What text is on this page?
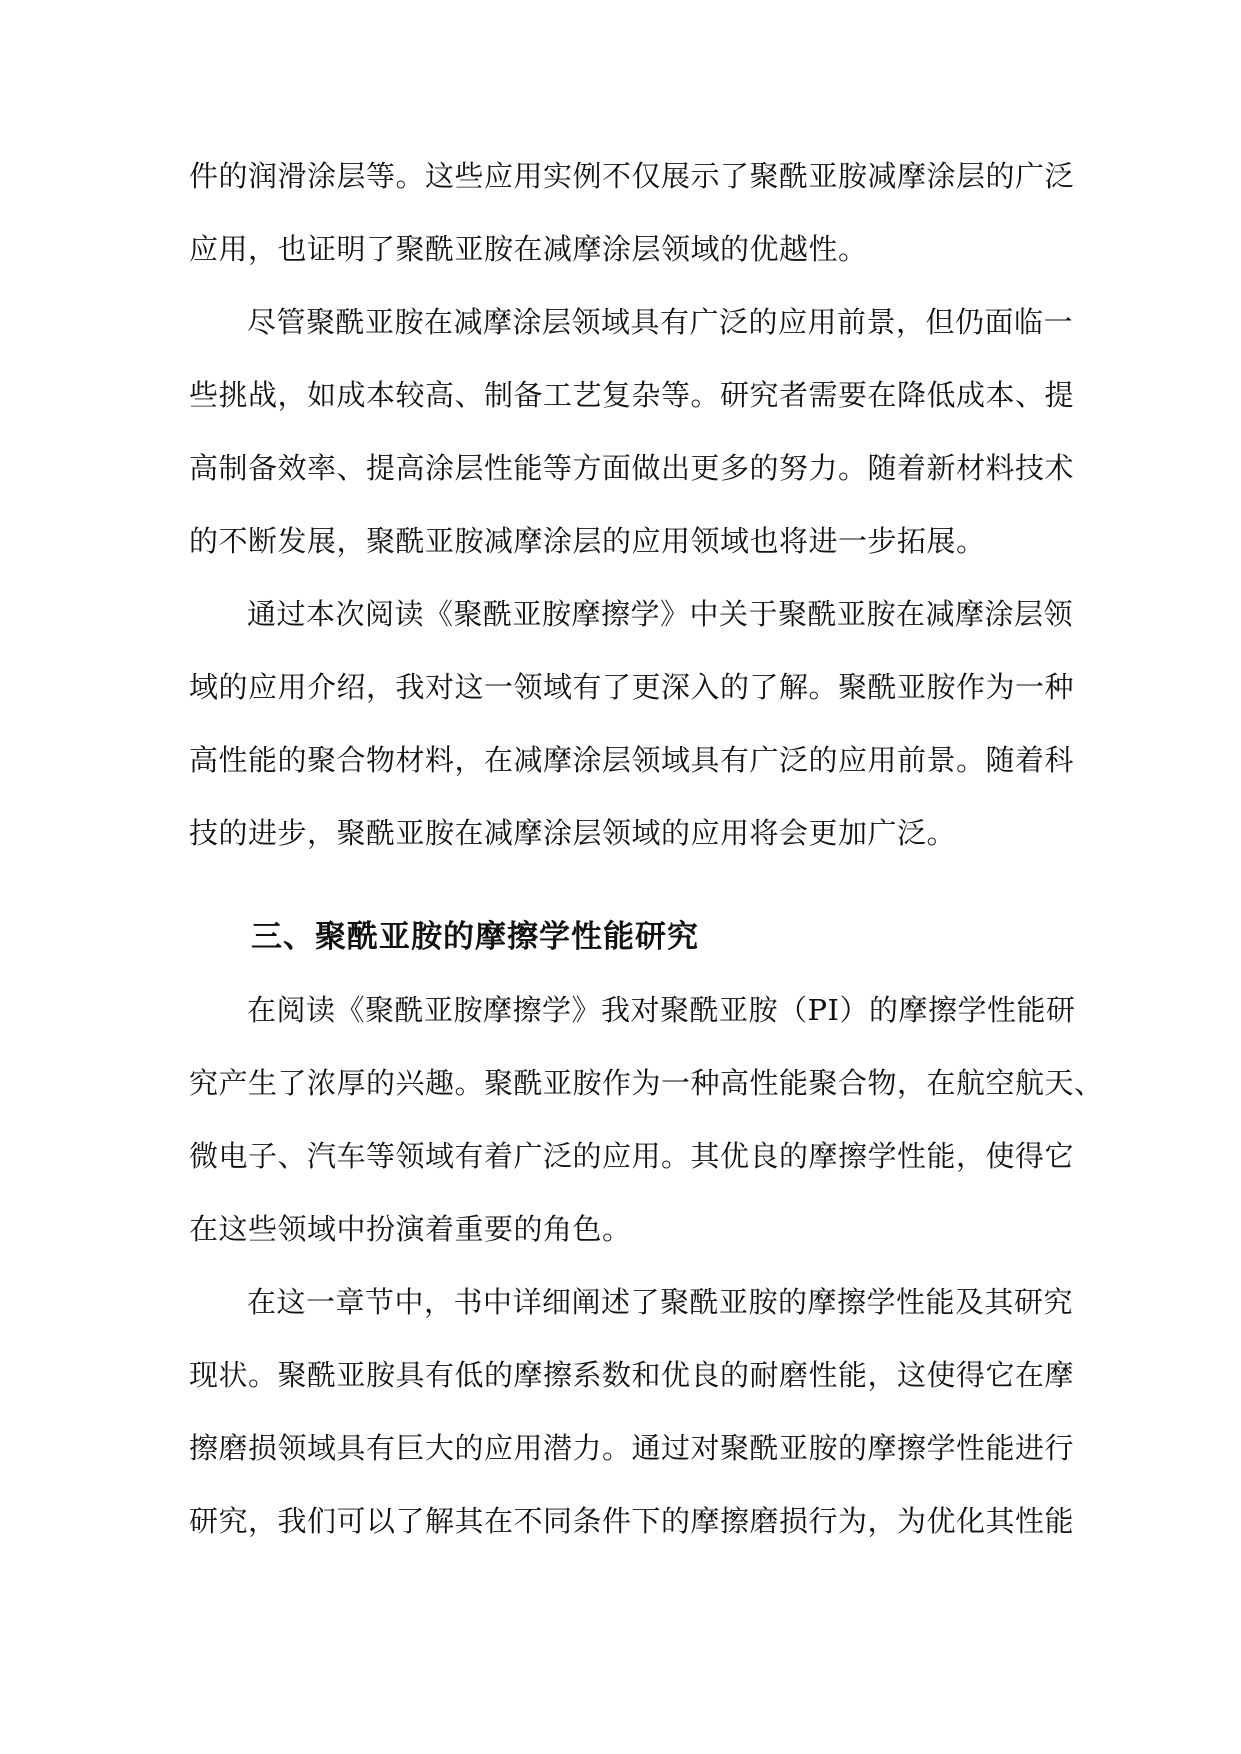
件的润滑涂层等。这些应用实例不仅展示了聚酰亚胺减摩涂层的广泛
应用，也证明了聚酰亚胺在减摩涂层领域的优越性。
尽管聚酰亚胺在减摩涂层领域具有广泛的应用前景，但仍面临一
些挑战，如成本较高、制备工艺复杂等。研究者需要在降低成本、提
高制备效率、提高涂层性能等方面做出更多的努力。随着新材料技术
的不断发展，聚酰亚胺减摩涂层的应用领域也将进一步拓展。
通过本次阅读《聚酰亚胺摩擦学》中关于聚酰亚胺在减摩涂层领
域的应用介绍，我对这一领域有了更深入的了解。聚酰亚胺作为一种
高性能的聚合物材料，在减摩涂层领域具有广泛的应用前景。随着科
技的进步，聚酰亚胺在减摩涂层领域的应用将会更加广泛。
三、聚酰亚胺的摩擦学性能研究
在阅读《聚酰亚胺摩擦学》我对聚酰亚胺（PI）的摩擦学性能研
究产生了浓厚的兴趣。聚酰亚胺作为一种高性能聚合物，在航空航天、
微电子、汽车等领域有着广泛的应用。其优良的摩擦学性能，使得它
在这些领域中扮演着重要的角色。
在这一章节中，书中详细阐述了聚酰亚胺的摩擦学性能及其研究
现状。聚酰亚胺具有低的摩擦系数和优良的耐磨性能，这使得它在摩
擦磨损领域具有巨大的应用潜力。通过对聚酰亚胺的摩擦学性能进行
研究，我们可以了解其在不同条件下的摩擦磨损行为，为优化其性能
